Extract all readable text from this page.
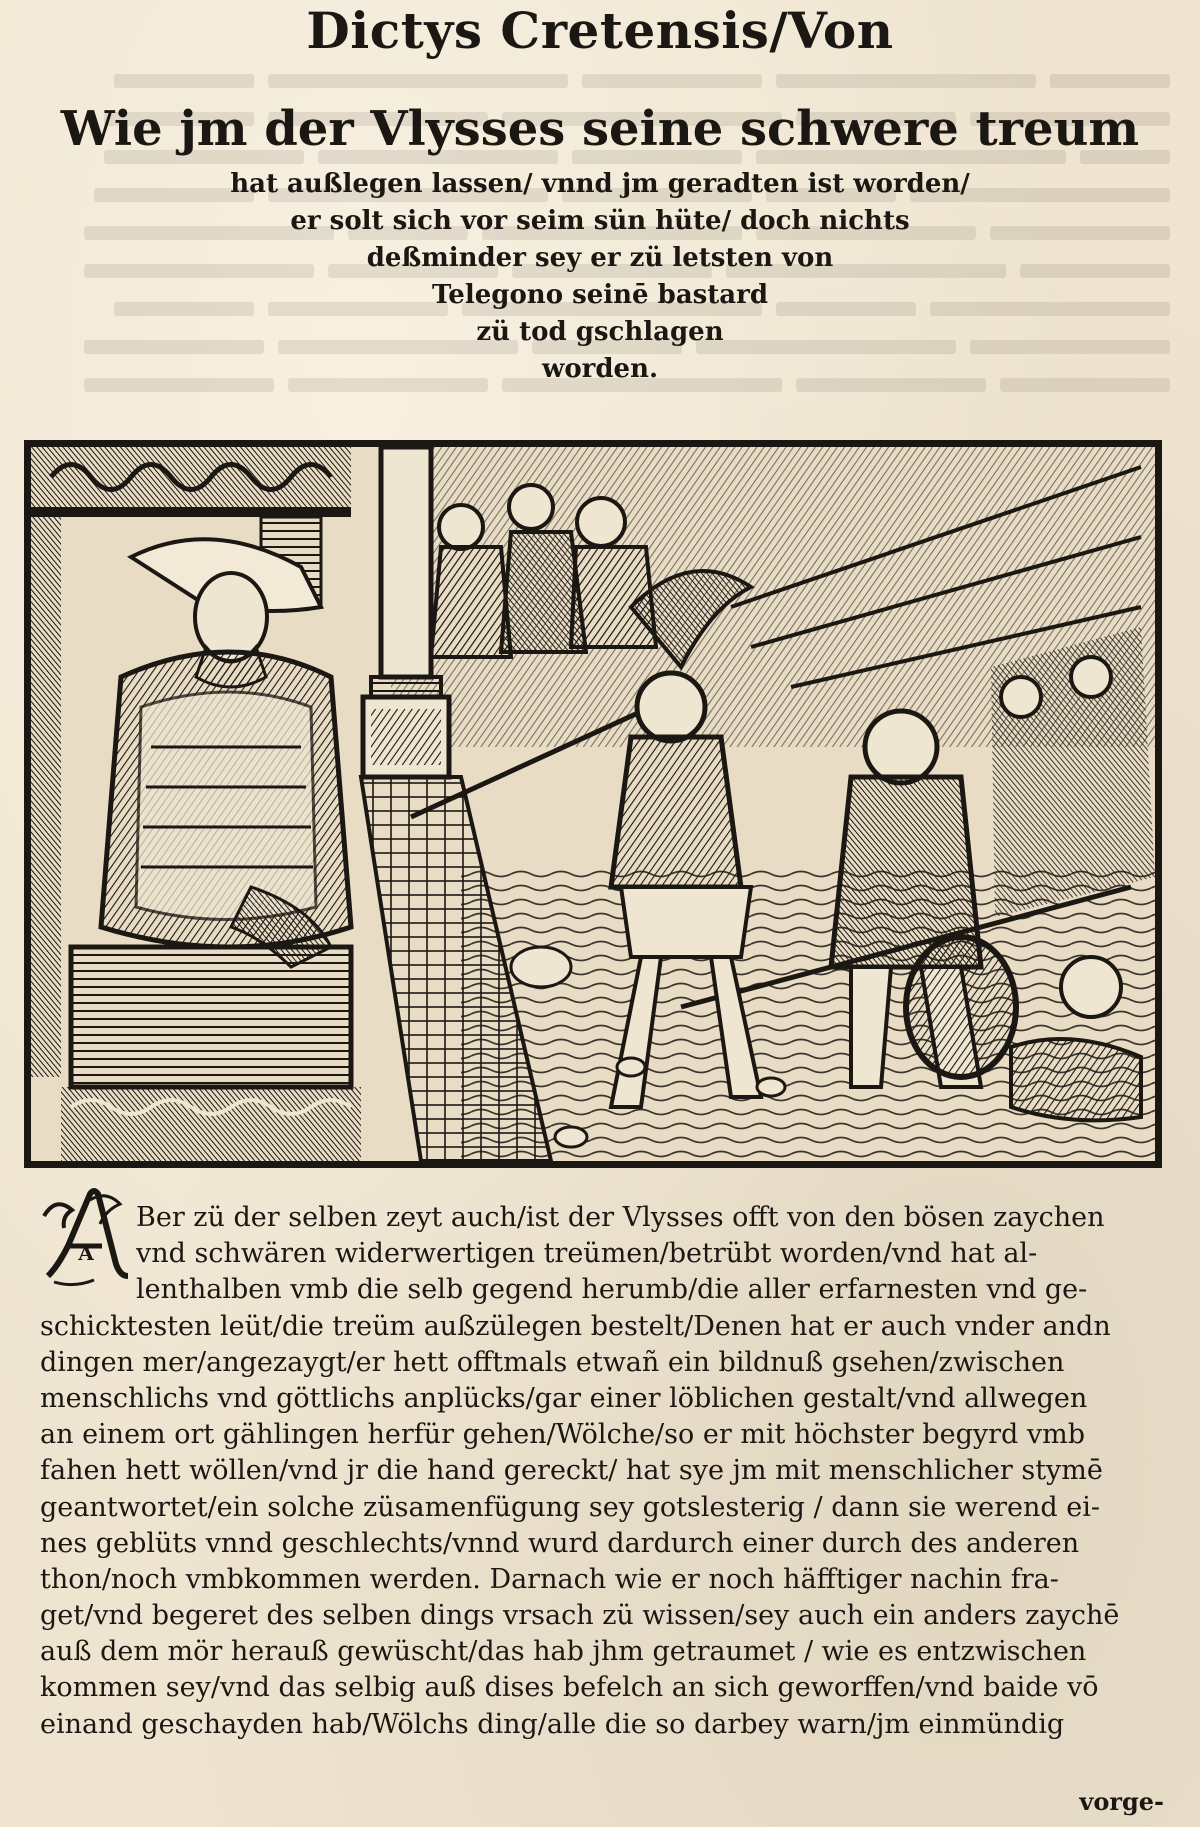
Dictys Cretensis/Von
Wie jm der Vlysses seine schwere treum
hat außlegen lassen/ vnnd jm geradten ist worden/
er solt sich vor seim sün hüte/ doch nichts
deßminder sey er zü letsten von
Telegono seinē bastard
zü tod gschlagen
worden.
A
Ber zü der selben zeyt auch/ist der Vlysses offt von den bösen zaychen
vnd schwären widerwertigen treümen/betrübt worden/vnd hat al-
lenthalben vmb die selb gegend herumb/die aller erfarnesten vnd ge-
schicktesten leüt/die treüm außzülegen bestelt/Denen hat er auch vnder andn
dingen mer/angezaygt/er hett offtmals etwañ ein bildnuß gsehen/zwischen
menschlichs vnd göttlichs anplücks/gar einer löblichen gestalt/vnd allwegen
an einem ort gählingen herfür gehen/Wölche/so er mit höchster begyrd vmb
fahen hett wöllen/vnd jr die hand gereckt/ hat sye jm mit menschlicher stymē
geantwortet/ein solche züsamenfügung sey gotslesterig / dann sie werend ei-
nes geblüts vnnd geschlechts/vnnd wurd dardurch einer durch des anderen
thon/noch vmbkommen werden. Darnach wie er noch häfftiger nachin fra-
get/vnd begeret des selben dings vrsach zü wissen/sey auch ein anders zaychē
auß dem mör herauß gewüscht/das hab jhm getraumet / wie es entzwischen
kommen sey/vnd das selbig auß dises befelch an sich geworffen/vnd baide vō
einand geschayden hab/Wölchs ding/alle die so darbey warn/jm einmündig
vorge-
